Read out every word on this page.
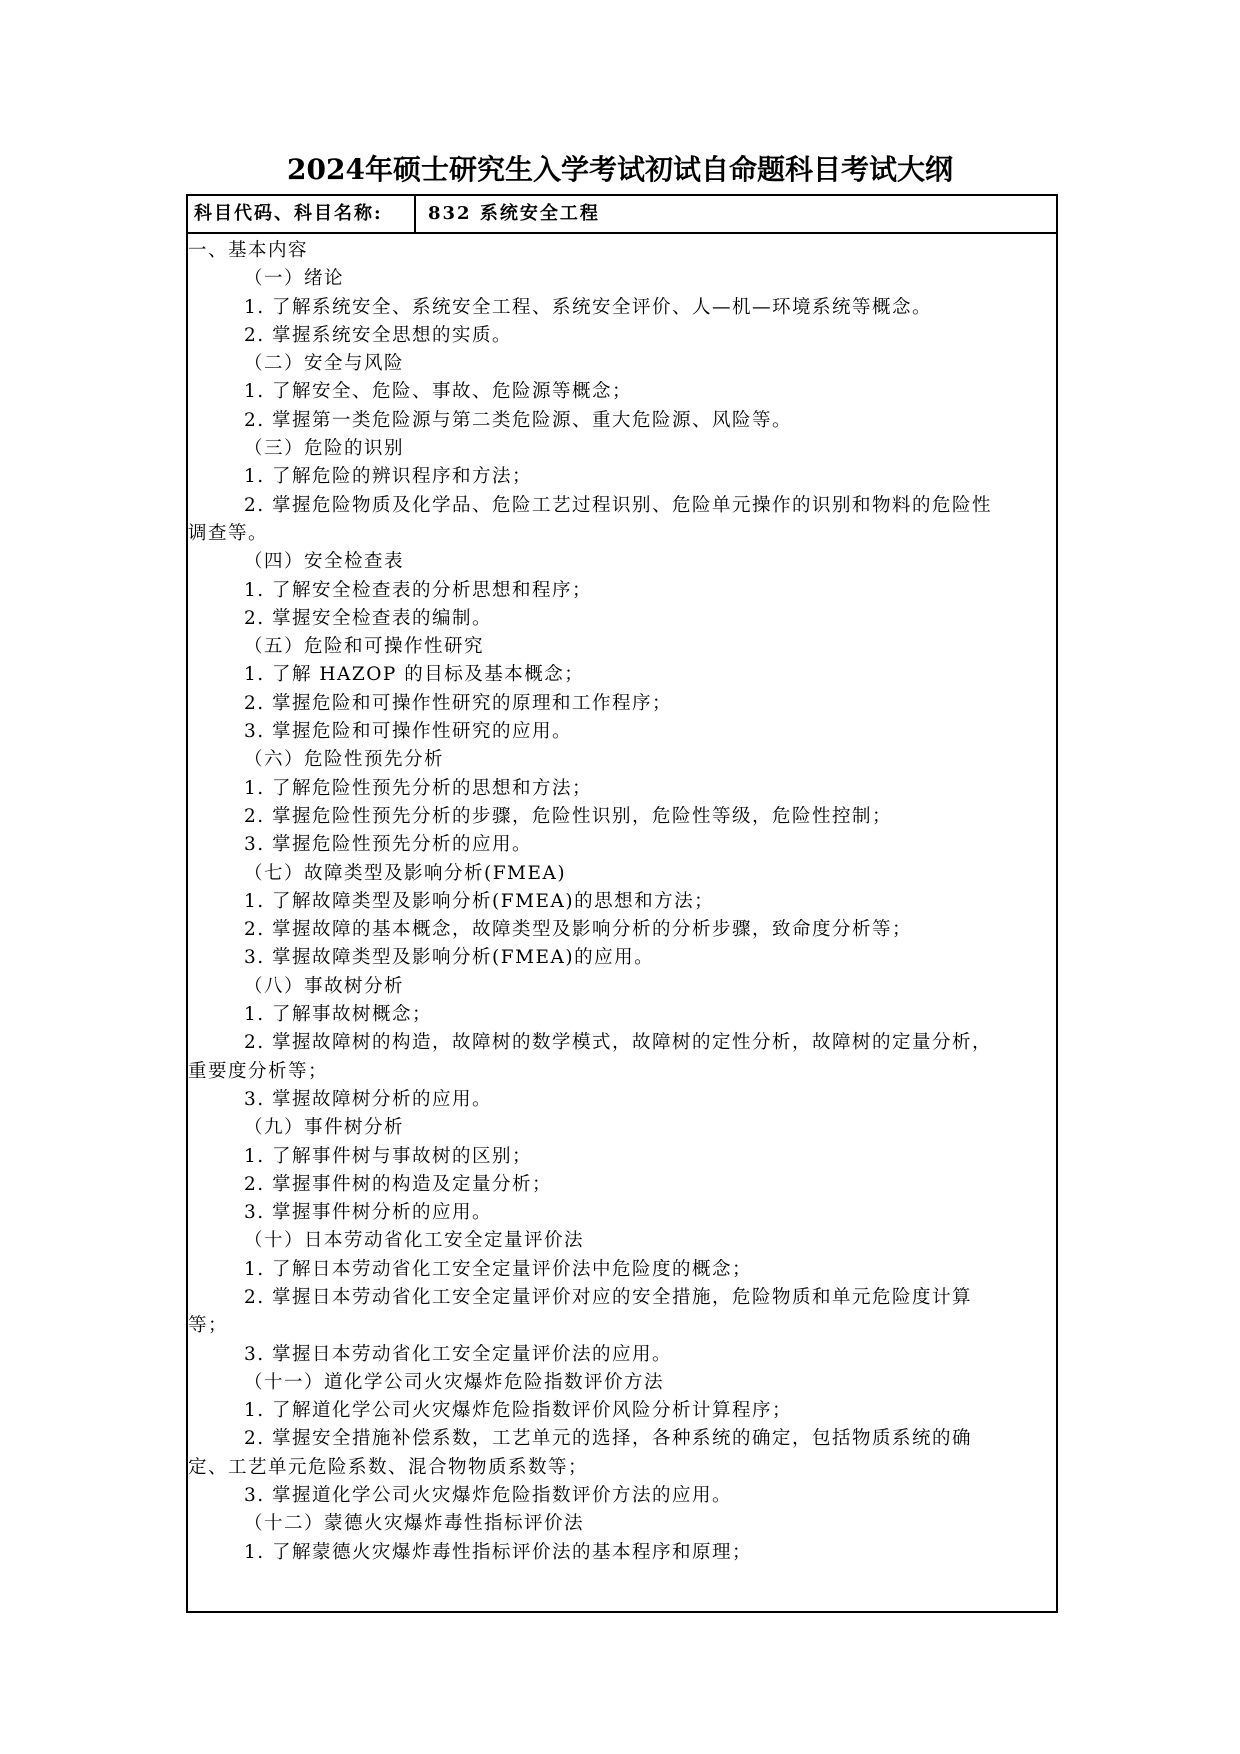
2024年硕士研究生入学考试初试自命题科目考试大纲
科目代码、科目名称:	832 系统安全工程
一、基本内容
（一）绪论
1. 了解系统安全、系统安全工程、系统安全评价、人—机—环境系统等概念。
2. 掌握系统安全思想的实质。
（二）安全与风险
1. 了解安全、危险、事故、危险源等概念；
2. 掌握第一类危险源与第二类危险源、重大危险源、风险等。
（三）危险的识别
1. 了解危险的辨识程序和方法；
2. 掌握危险物质及化学品、危险工艺过程识别、危险单元操作的识别和物料的危险性
调查等。
（四）安全检查表
1. 了解安全检查表的分析思想和程序；
2. 掌握安全检查表的编制。
（五）危险和可操作性研究
1. 了解 HAZOP 的目标及基本概念；
2. 掌握危险和可操作性研究的原理和工作程序；
3. 掌握危险和可操作性研究的应用。
（六）危险性预先分析
1. 了解危险性预先分析的思想和方法；
2. 掌握危险性预先分析的步骤，危险性识别，危险性等级，危险性控制；
3. 掌握危险性预先分析的应用。
（七）故障类型及影响分析(FMEA)
1. 了解故障类型及影响分析(FMEA)的思想和方法；
2. 掌握故障的基本概念，故障类型及影响分析的分析步骤，致命度分析等；
3. 掌握故障类型及影响分析(FMEA)的应用。
（八）事故树分析
1. 了解事故树概念；
2. 掌握故障树的构造，故障树的数学模式，故障树的定性分析，故障树的定量分析，
重要度分析等；
3. 掌握故障树分析的应用。
（九）事件树分析
1. 了解事件树与事故树的区别；
2. 掌握事件树的构造及定量分析；
3. 掌握事件树分析的应用。
（十）日本劳动省化工安全定量评价法
1. 了解日本劳动省化工安全定量评价法中危险度的概念；
2. 掌握日本劳动省化工安全定量评价对应的安全措施，危险物质和单元危险度计算
等；
3. 掌握日本劳动省化工安全定量评价法的应用。
（十一）道化学公司火灾爆炸危险指数评价方法
1. 了解道化学公司火灾爆炸危险指数评价风险分析计算程序；
2. 掌握安全措施补偿系数，工艺单元的选择，各种系统的确定，包括物质系统的确
定、工艺单元危险系数、混合物物质系数等；
3. 掌握道化学公司火灾爆炸危险指数评价方法的应用。
（十二）蒙德火灾爆炸毒性指标评价法
1. 了解蒙德火灾爆炸毒性指标评价法的基本程序和原理；
